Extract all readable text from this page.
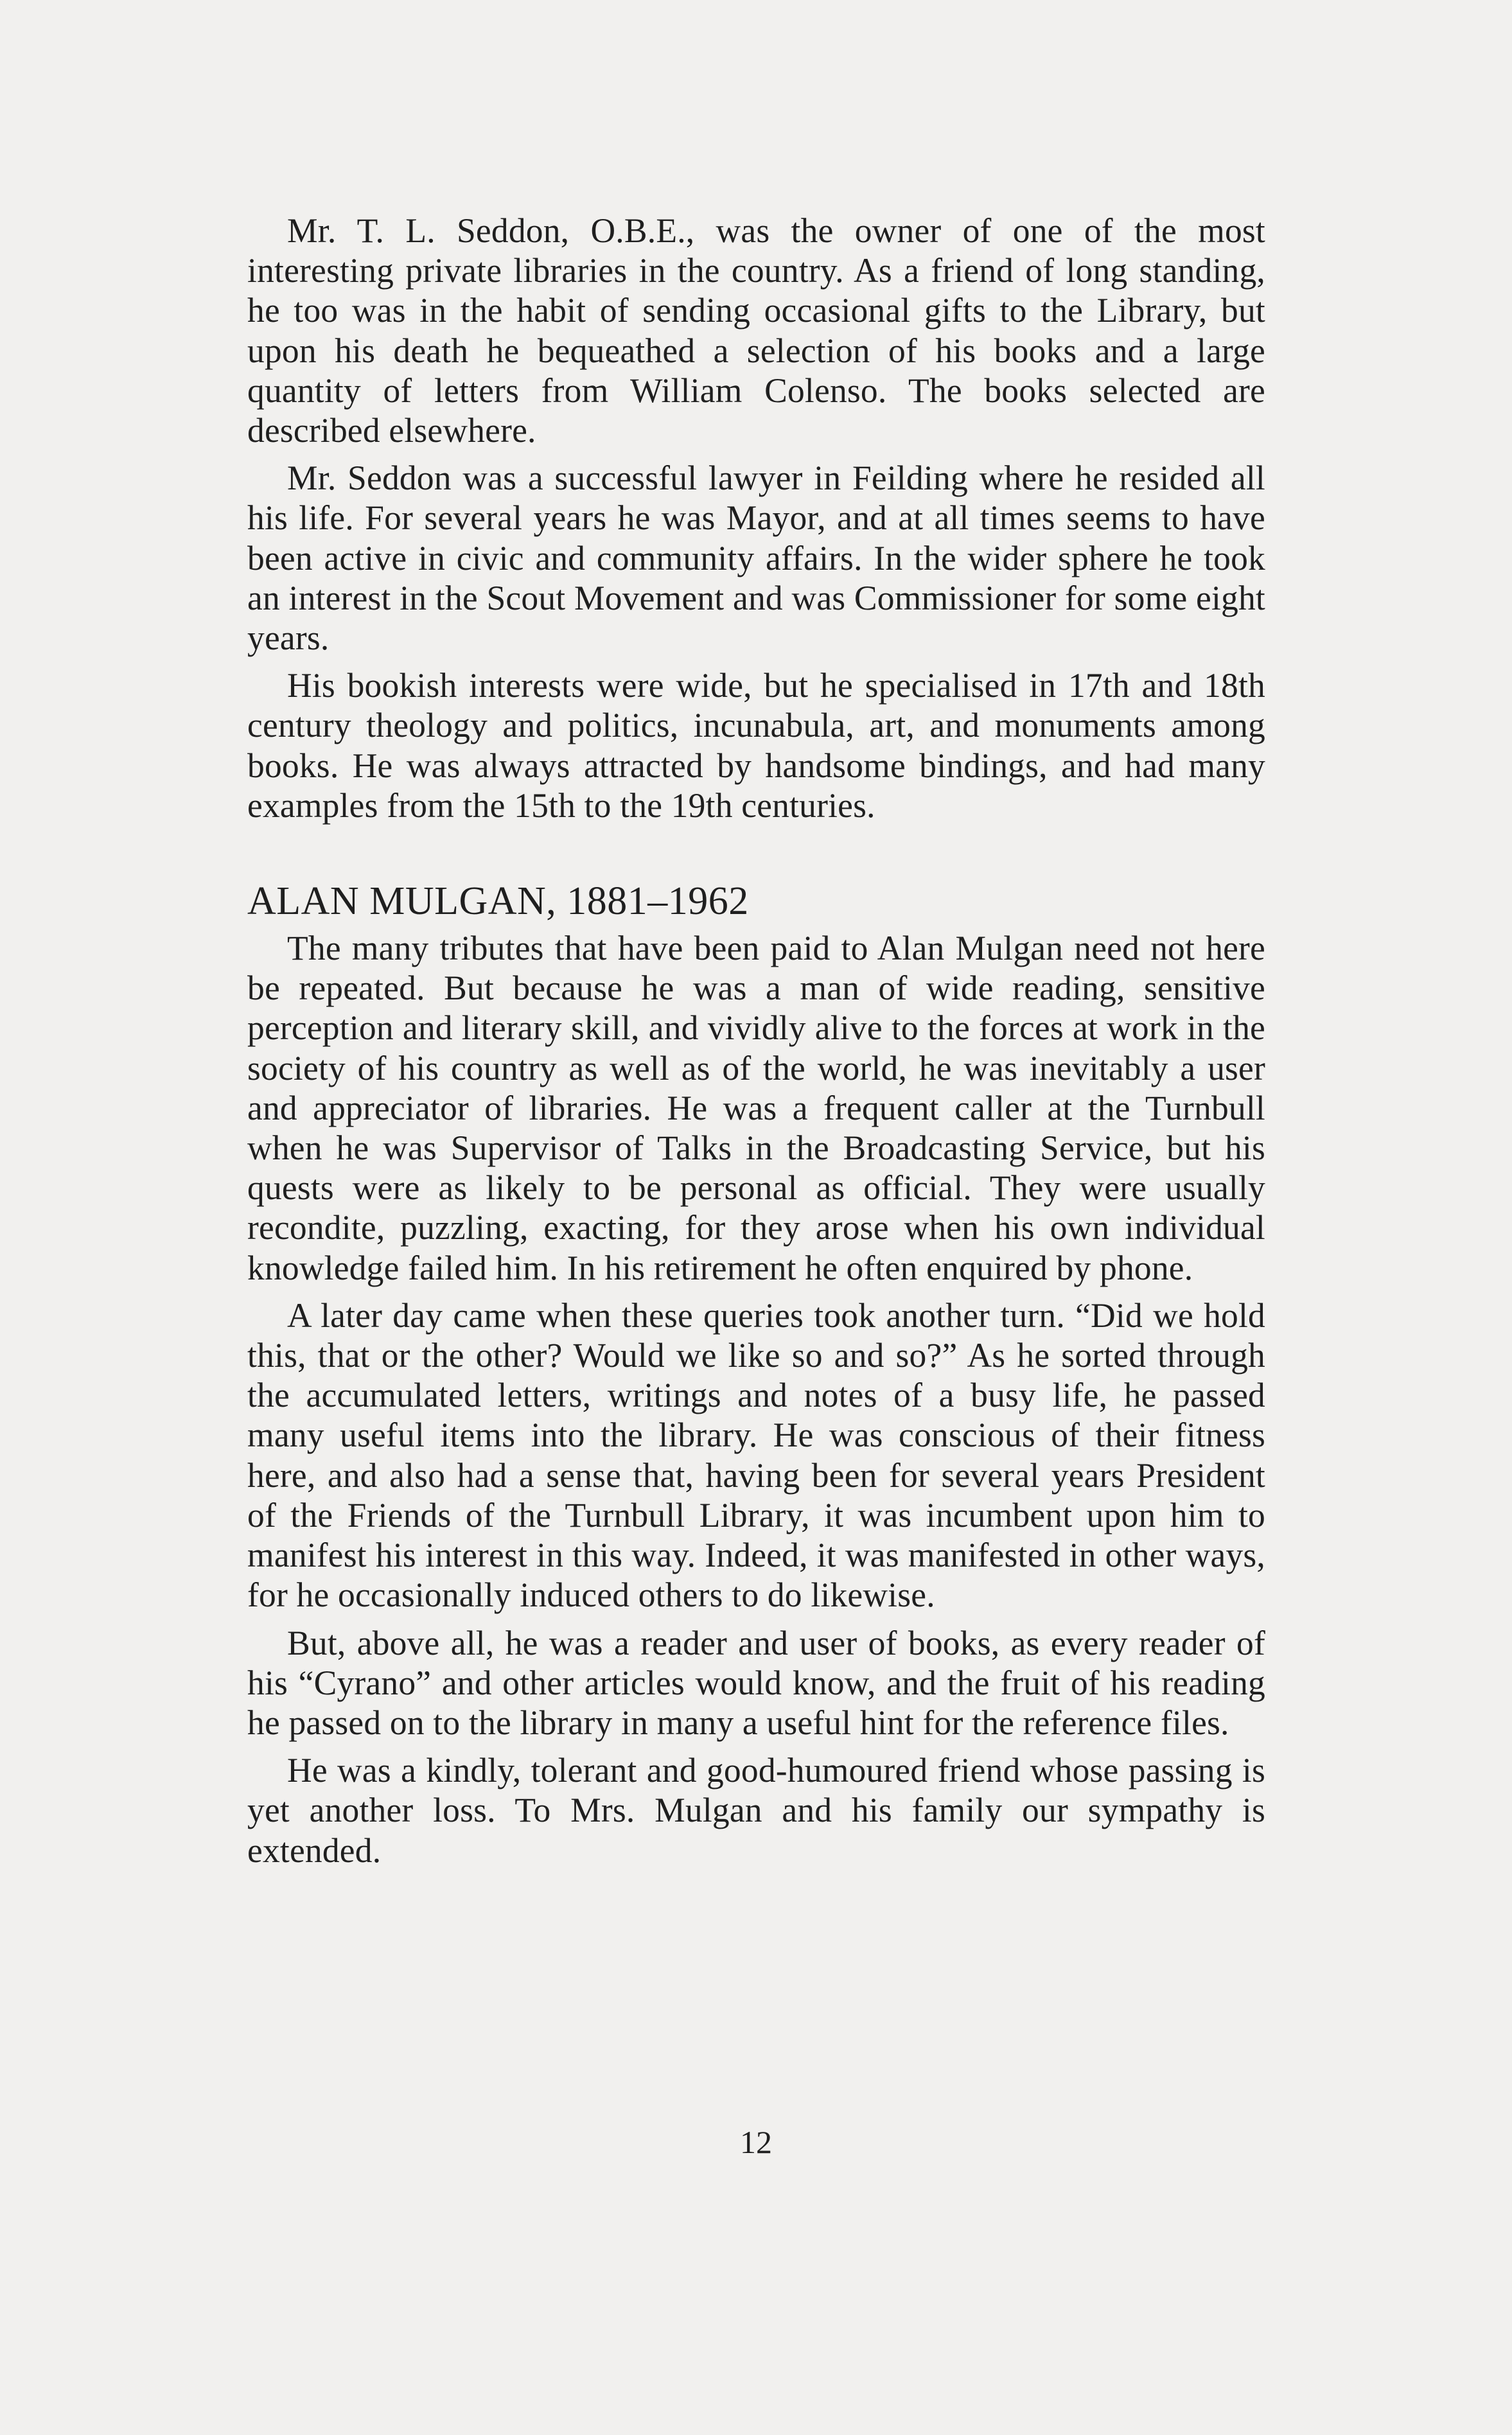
Mr. T. L. Seddon, O.B.E., was the owner of one of the most interesting private libraries in the country. As a friend of long standing, he too was in the habit of sending occasional gifts to the Library, but upon his death he bequeathed a selection of his books and a large quantity of letters from William Colenso. The books selected are described elsewhere.

Mr. Seddon was a successful lawyer in Feilding where he resided all his life. For several years he was Mayor, and at all times seems to have been active in civic and community affairs. In the wider sphere he took an interest in the Scout Movement and was Commissioner for some eight years.

His bookish interests were wide, but he specialised in 17th and 18th century theology and politics, incunabula, art, and monuments among books. He was always attracted by handsome bindings, and had many examples from the 15th to the 19th centuries.

ALAN MULGAN, 1881–1962

The many tributes that have been paid to Alan Mulgan need not here be repeated. But because he was a man of wide reading, sensitive perception and literary skill, and vividly alive to the forces at work in the society of his country as well as of the world, he was inevitably a user and appreciator of libraries. He was a frequent caller at the Turnbull when he was Supervisor of Talks in the Broadcasting Service, but his quests were as likely to be personal as official. They were usually recondite, puzzling, exacting, for they arose when his own individual knowledge failed him. In his retirement he often enquired by phone.

A later day came when these queries took another turn. “Did we hold this, that or the other? Would we like so and so?” As he sorted through the accumulated letters, writings and notes of a busy life, he passed many useful items into the library. He was conscious of their fitness here, and also had a sense that, having been for several years President of the Friends of the Turnbull Library, it was incumbent upon him to manifest his interest in this way. Indeed, it was manifested in other ways, for he occasionally induced others to do likewise.

But, above all, he was a reader and user of books, as every reader of his “Cyrano” and other articles would know, and the fruit of his reading he passed on to the library in many a useful hint for the reference files.

He was a kindly, tolerant and good-humoured friend whose passing is yet another loss. To Mrs. Mulgan and his family our sympathy is extended.

12
